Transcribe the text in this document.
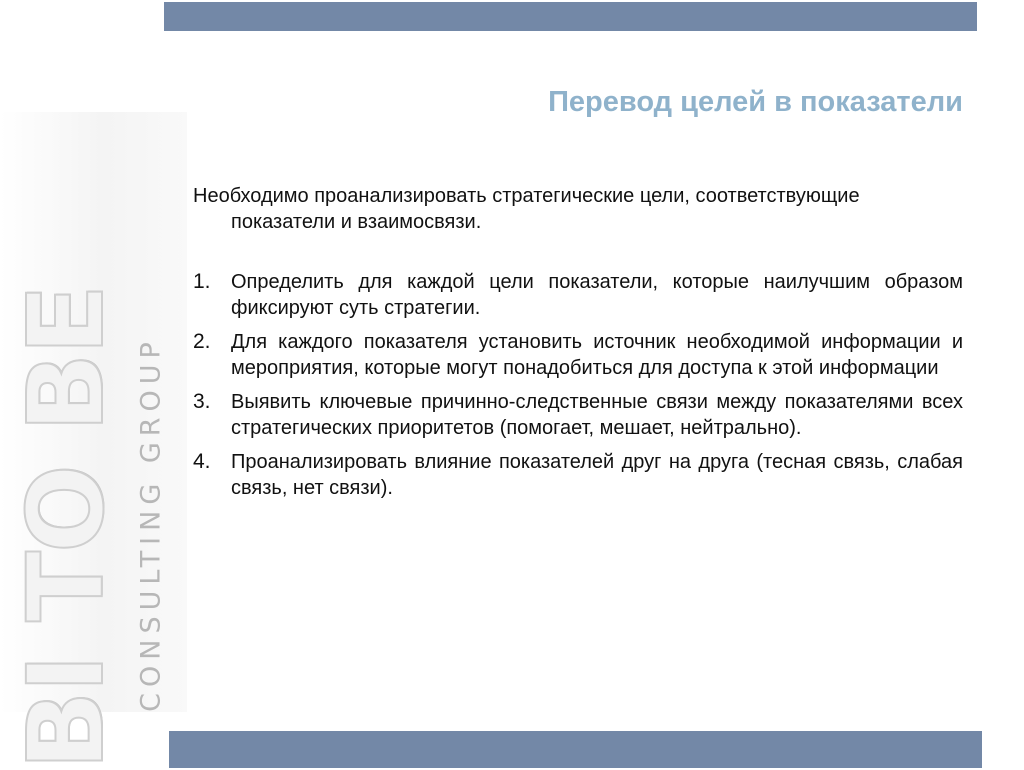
BI TO BE CONSULTING GROUP
Перевод целей в показатели

Необходимо проанализировать стратегические цели, соответствующие показатели и взаимосвязи.

1.	Определить для каждой цели показатели, которые наилучшим образом фиксируют суть стратегии.
2.	Для каждого показателя установить источник необходимой информации и мероприятия, которые могут понадобиться для доступа к этой информации
3.	Выявить ключевые причинно-следственные связи между показателями всех стратегических приоритетов (помогает, мешает, нейтрально).
4.	Проанализировать влияние показателей друг на друга (тесная связь, слабая связь, нет связи).
